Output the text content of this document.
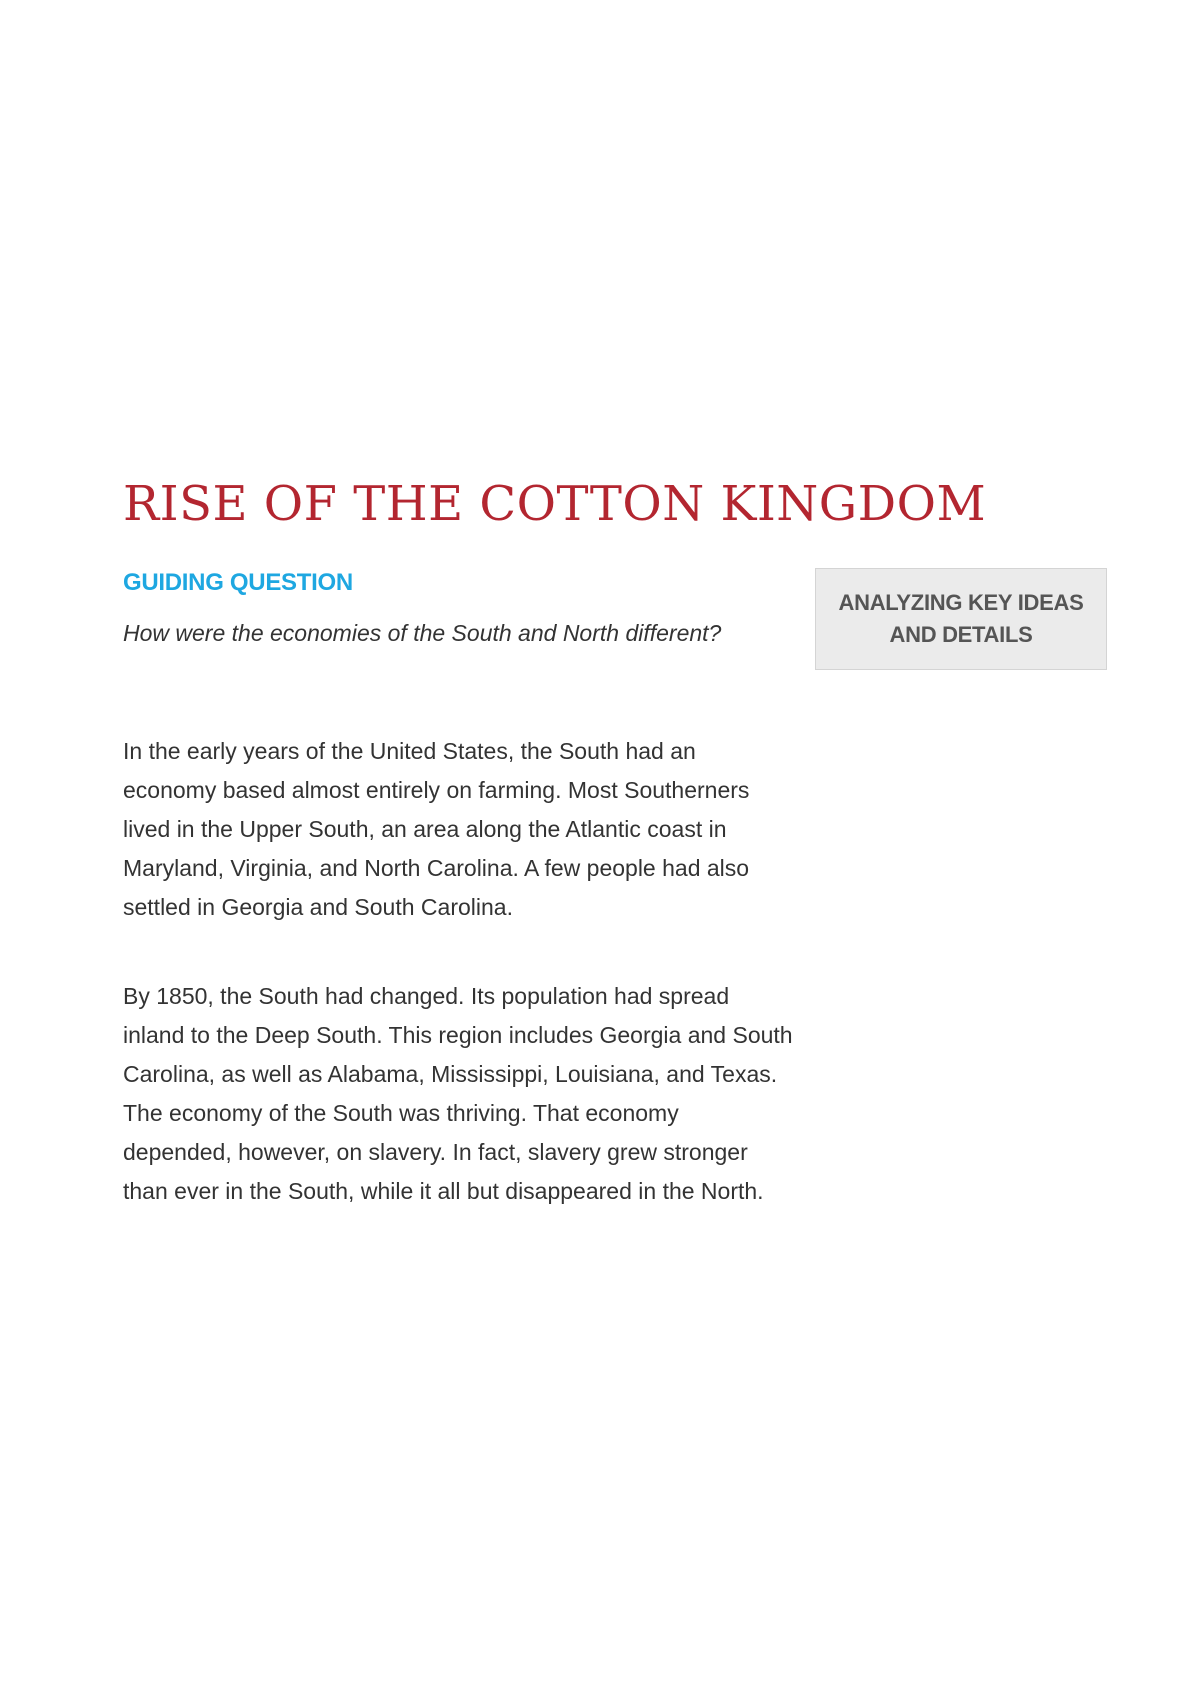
RISE OF THE COTTON KINGDOM
GUIDING QUESTION

How were the economies of the South and North different?

ANALYZING KEY IDEAS AND DETAILS

In the early years of the United States, the South had an economy based almost entirely on farming. Most Southerners lived in the Upper South, an area along the Atlantic coast in Maryland, Virginia, and North Carolina. A few people had also settled in Georgia and South Carolina.

By 1850, the South had changed. Its population had spread inland to the Deep South. This region includes Georgia and South Carolina, as well as Alabama, Mississippi, Louisiana, and Texas. The economy of the South was thriving. That economy depended, however, on slavery. In fact, slavery grew stronger than ever in the South, while it all but disappeared in the North.
